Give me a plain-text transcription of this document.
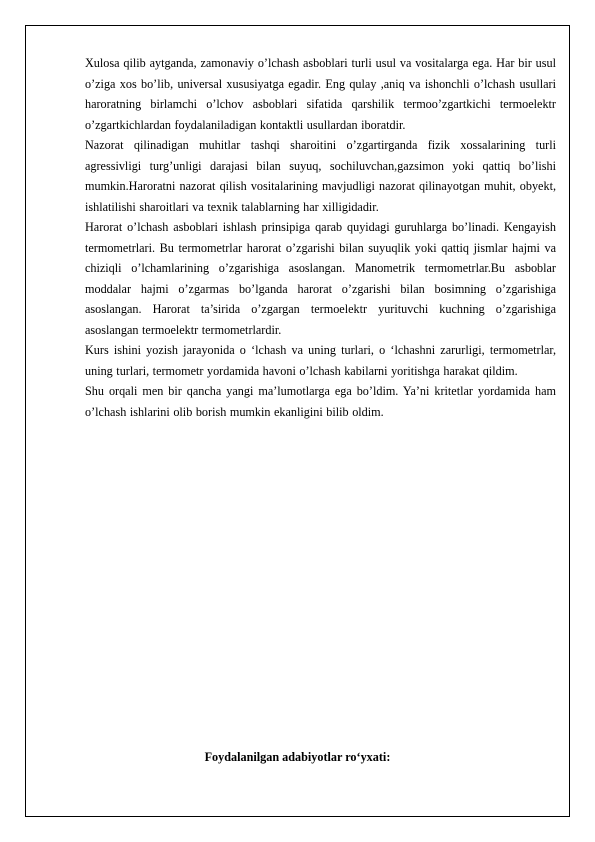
Xulosa qilib aytganda, zamonaviy o’lchash asboblari turli usul va vositalarga ega. Har bir usul o’ziga xos bo’lib, universal xususiyatga egadir. Eng qulay ,aniq va ishonchli o’lchash usullari haroratning birlamchi o’lchov asboblari sifatida qarshilik termoo’zgartkichi termoelektr o’zgartkichlardan foydalaniladigan kontaktli usullardan iboratdir.

Nazorat qilinadigan muhitlar tashqi sharoitini o’zgartirganda fizik xossalarining turli agressivligi turg’unligi darajasi bilan suyuq, sochiluvchan,gazsimon yoki qattiq bo’lishi mumkin.Haroratni nazorat qilish vositalarining mavjudligi nazorat qilinayotgan muhit, obyekt, ishlatilishi sharoitlari va texnik talablarning har xilligidadir.

Harorat o’lchash asboblari ishlash prinsipiga qarab quyidagi guruhlarga bo’linadi. Kengayish termometrlari. Bu termometrlar harorat o’zgarishi bilan suyuqlik yoki qattiq jismlar hajmi va chiziqli o’lchamlarining o’zgarishiga asoslangan. Manometrik termometrlar.Bu asboblar moddalar hajmi o’zgarmas bo’lganda harorat o’zgarishi bilan bosimning o’zgarishiga asoslangan. Harorat ta’sirida o’zgargan termoelektr yurituvchi kuchning o’zgarishiga asoslangan termoelektr termometrlardir.

Kurs ishini yozish jarayonida o ‘lchash va uning turlari, o ‘lchashni zarurligi, termometrlar, uning turlari, termometr yordamida havoni o’lchash kabilarni yoritishga harakat qildim.

Shu orqali men bir qancha yangi ma’lumotlarga ega bo’ldim. Ya’ni kritetlar yordamida ham o’lchash ishlarini olib borish mumkin ekanligini bilib oldim.

Foydalanilgan adabiyotlar ro‘yxati:
